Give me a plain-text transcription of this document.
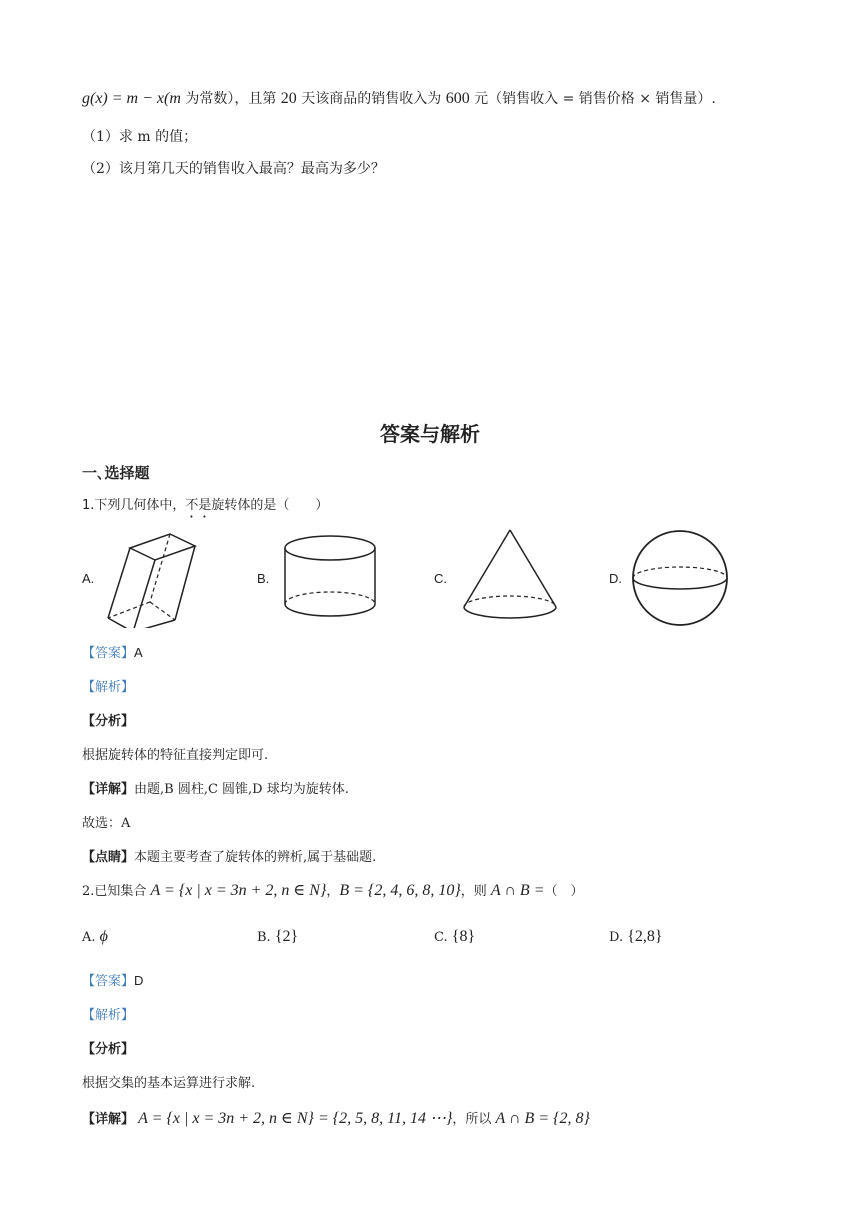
g(x) = m − x(m 为常数），且第 20 天该商品的销售收入为 600 元（销售收入 = 销售价格 × 销售量）.
（1）求 m 的值；
（2）该月第几天的销售收入最高？最高为多少？
答案与解析
一､选择题
1.下列几何体中，不是旋转体的是（　　）
A.	B.	C.	D.
【答案】A
【解析】
【分析】
根据旋转体的特征直接判定即可.
【详解】由题,B 圆柱,C 圆锥,D 球均为旋转体.
故选：A
【点睛】本题主要考查了旋转体的辨析,属于基础题.
2.已知集合 A = {x | x = 3n + 2, n ∈ N}，B = {2, 4, 6, 8, 10}，则 A ∩ B =（　）
A. ϕ	B. {2}	C. {8}	D. {2,8}
【答案】D
【解析】
【分析】
根据交集的基本运算进行求解.
【详解】 A = {x | x = 3n + 2, n ∈ N} = {2, 5, 8, 11, 14 ⋯}，所以 A ∩ B = {2, 8}
